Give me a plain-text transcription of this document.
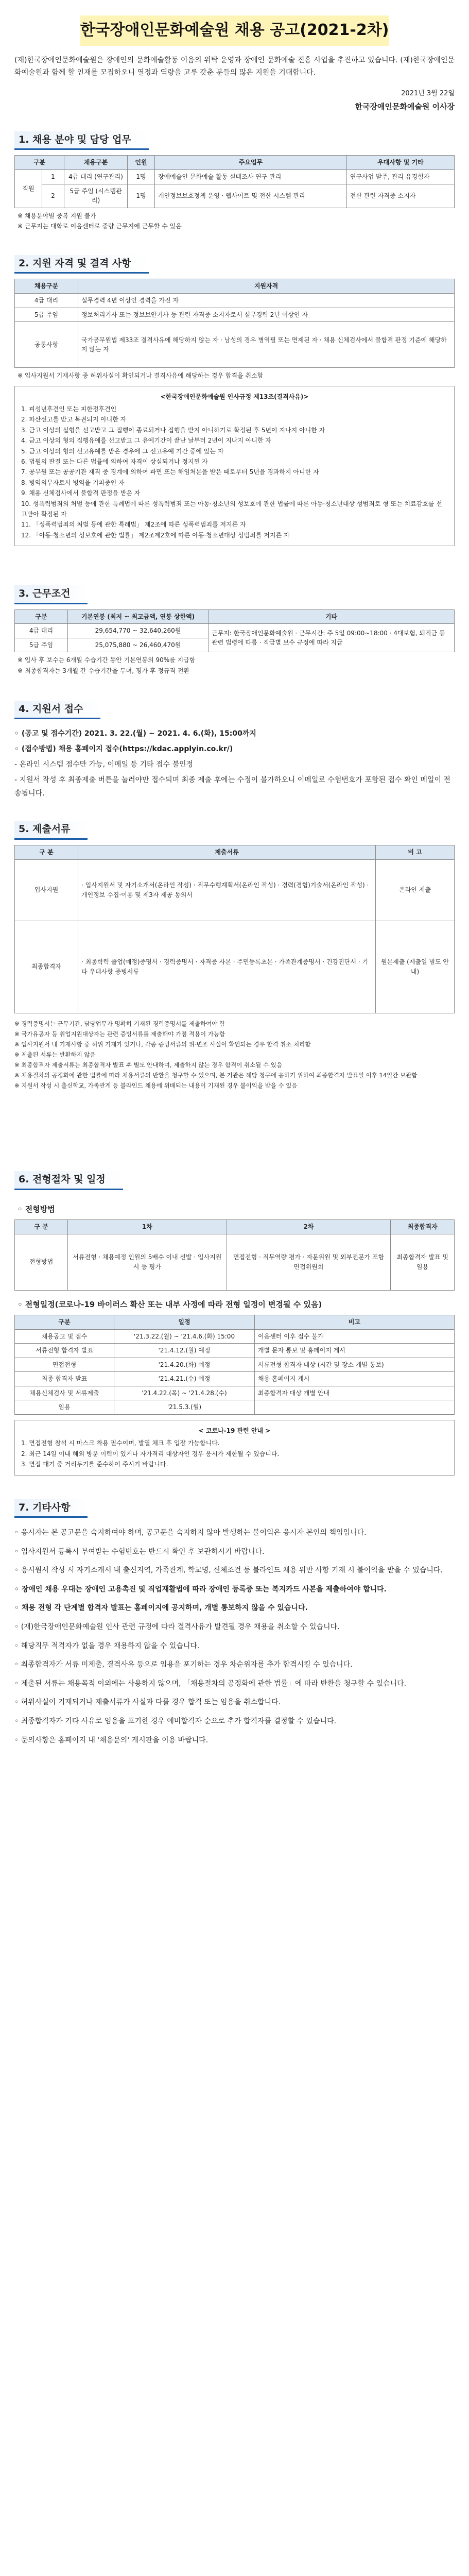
한국장애인문화예술원 채용 공고(2021-2차)
(재)한국장애인문화예술원은 장애인의 문화예술활동 이음의 위탁 운영과 장애인 문화예술 진흥 사업을 추진하고 있습니다. (재)한국장애인문화예술원과 함께 할 인재를 모집하오니 열정과 역량을 고루 갖춘 분들의 많은 지원을 기대합니다.
2021년 3월 22일
한국장애인문화예술원 이사장
1. 채용 분야 및 담당 업무
구분		채용구분	인원	주요업무	우대사항 및 기타
직원	1	4급 대리 (연구관리)	1명	장애예술인 문화예술 활동 실태조사 연구 관리	연구사업 발주, 관리 유경험자
	2	5급 주임 (시스템관리)	1명	개인정보보호정책 운영 · 웹사이트 및 전산 시스템 관리	전산 관련 자격증 소지자
※ 채용분야별 중복 지원 불가
※ 근무지는 대학로 이음센터로 중량 근무지에 근무할 수 있음
2. 지원 자격 및 결격 사항
채용구분	지원자격
4급 대리	실무경력 4년 이상인 경력을 가진 자
5급 주임	정보처리기사 또는 정보보안기사 등 관련 자격증 소지자로서 실무경력 2년 이상인 자
공통사항	국가공무원법 제33조 결격사유에 해당하지 않는 자 · 남성의 경우 병역필 또는 면제된 자 · 채용 신체검사에서 불합격 판정 기준에 해당하지 않는 자
※ 입사지원서 기재사항 중 허위사실이 확인되거나 결격사유에 해당하는 경우 합격을 취소함
<한국장애인문화예술원 인사규정 제13조(결격사유)>
1. 피성년후견인 또는 피한정후견인
2. 파산선고를 받고 복권되지 아니한 자
3. 금고 이상의 실형을 선고받고 그 집행이 종료되거나 집행을 받지 아니하기로 확정된 후 5년이 지나지 아니한 자
4. 금고 이상의 형의 집행유예를 선고받고 그 유예기간이 끝난 날부터 2년이 지나지 아니한 자
5. 금고 이상의 형의 선고유예를 받은 경우에 그 선고유예 기간 중에 있는 자
6. 법원의 판결 또는 다른 법률에 의하여 자격이 상실되거나 정지된 자
7. 공무원 또는 공공기관 재직 중 징계에 의하여 파면 또는 해임처분을 받은 때로부터 5년을 경과하지 아니한 자
8. 병역의무자로서 병역을 기피중인 자
9. 채용 신체검사에서 불합격 판정을 받은 자
10. 성폭력범죄의 처벌 등에 관한 특례법에 따른 성폭력범죄 또는 아동·청소년의 성보호에 관한 법률에 따른 아동·청소년대상 성범죄로 형 또는 치료감호를 선고받아 확정된 자
11. 「성폭력범죄의 처벌 등에 관한 특례법」 제2조에 따른 성폭력범죄를 저지른 자
12. 「아동·청소년의 성보호에 관한 법률」 제2조제2호에 따른 아동·청소년대상 성범죄를 저지른 자
3. 근무조건
구분	기본연봉 (최저 ~ 최고금액, 연봉 상한액)	기타
4급 대리	29,654,770 ~ 32,640,260원	근무지: 한국장애인문화예술원 · 근무시간: 주 5일 09:00~18:00 · 4대보험, 퇴직금 등 관련 법령에 따름 · 직급별 보수 규정에 따라 지급
5급 주임	25,075,880 ~ 26,460,470원	
※ 입사 후 보수는 6개월 수습기간 동안 기본연봉의 90%를 지급함
※ 최종합격자는 3개월 간 수습기간을 두며, 평가 후 정규직 전환
4. 지원서 접수
◦ (공고 및 접수기간) 2021. 3. 22.(월) ~ 2021. 4. 6.(화), 15:00까지
◦ (접수방법) 채용 홈페이지 접수(https://kdac.applyin.co.kr/)
- 온라인 시스템 접수만 가능, 이메일 등 기타 접수 불인정
- 지원서 작성 후 최종제출 버튼을 눌러야만 접수되며 최종 제출 후에는 수정이 불가하오니 이메일로 수험번호가 포함된 접수 확인 메일이 전송됩니다.
5. 제출서류
구 분	제출서류	비 고
입사지원	· 입사지원서 및 자기소개서(온라인 작성) · 직무수행계획서(온라인 작성) · 경력(경험)기술서(온라인 작성) · 개인정보 수집·이용 및 제3자 제공 동의서	온라인 제출
최종합격자	· 최종학력 졸업(예정)증명서 · 경력증명서 · 자격증 사본 · 주민등록초본 · 가족관계증명서 · 건강진단서 · 기타 우대사항 증빙서류	원본제출 (제출일 별도 안내)
※ 경력증명서는 근무기간, 담당업무가 명확히 기재된 경력증명서를 제출하여야 함
※ 국가유공자 등 취업지원대상자는 관련 증빙서류를 제출해야 가점 적용이 가능함
※ 입사지원서 내 기재사항 중 허위 기재가 있거나, 각종 증빙서류의 위·변조 사실이 확인되는 경우 합격 취소 처리함
※ 제출된 서류는 반환하지 않음
※ 최종합격자 제출서류는 최종합격자 발표 후 별도 안내하며, 제출하지 않는 경우 합격이 취소될 수 있음
※ 채용절차의 공정화에 관한 법률에 따라 채용서류의 반환을 청구할 수 있으며, 본 기관은 해당 청구에 응하기 위하여 최종합격자 발표일 이후 14일간 보관함
※ 지원서 작성 시 출신학교, 가족관계 등 블라인드 채용에 위배되는 내용이 기재된 경우 불이익을 받을 수 있음
6. 전형절차 및 일정
◦ 전형방법
구 분	1차	2차	최종합격자
전형방법	서류전형 · 채용예정 인원의 5배수 이내 선발 · 입사지원서 등 평가	면접전형 · 직무역량 평가 · 자문위원 및 외부전문가 포함 면접위원회	최종합격자 발표 및 임용
◦ 전형일정(코로나-19 바이러스 확산 또는 내부 사정에 따라 전형 일정이 변경될 수 있음)
구분	일정	비고
채용공고 및 접수	'21.3.22.(월) ~ '21.4.6.(화) 15:00	이음센터 이후 접수 불가
서류전형 합격자 발표	'21.4.12.(월) 예정	개별 문자 통보 및 홈페이지 게시
면접전형	'21.4.20.(화) 예정	서류전형 합격자 대상 (시간 및 장소 개별 통보)
최종 합격자 발표	'21.4.21.(수) 예정	채용 홈페이지 게시
채용신체검사 및 서류제출	'21.4.22.(목) ~ '21.4.28.(수)	최종합격자 대상 개별 안내
임용	'21.5.3.(월)	
< 코로나-19 관련 안내 >
1. 면접전형 참석 시 마스크 착용 필수이며, 발열 체크 후 입장 가능합니다.
2. 최근 14일 이내 해외 방문 이력이 있거나 자가격리 대상자인 경우 응시가 제한될 수 있습니다.
3. 면접 대기 중 거리두기를 준수하여 주시기 바랍니다.
7. 기타사항

◦ 응시자는 본 공고문을 숙지하여야 하며, 공고문을 숙지하지 않아 발생하는 불이익은 응시자 본인의 책임입니다.

◦ 입사지원서 등록시 부여받는 수험번호는 반드시 확인 후 보관하시기 바랍니다.

◦ 응시원서 작성 시 자기소개서 내 출신지역, 가족관계, 학교명, 신체조건 등 블라인드 채용 위반 사항 기재 시 불이익을 받을 수 있습니다.

◦ 장애인 채용 우대는 장애인 고용촉진 및 직업재활법에 따라 장애인 등록증 또는 복지카드 사본을 제출하여야 합니다.

◦ 채용 전형 각 단계별 합격자 발표는 홈페이지에 공지하며, 개별 통보하지 않을 수 있습니다.

◦ (재)한국장애인문화예술원 인사 관련 규정에 따라 결격사유가 발견될 경우 채용을 취소할 수 있습니다.

◦ 해당직무 적격자가 없을 경우 채용하지 않을 수 있습니다.

◦ 최종합격자가 서류 미제출, 결격사유 등으로 임용을 포기하는 경우 차순위자를 추가 합격시킬 수 있습니다.

◦ 제출된 서류는 채용목적 이외에는 사용하지 않으며, 「채용절차의 공정화에 관한 법률」에 따라 반환을 청구할 수 있습니다.

◦ 허위사실이 기재되거나 제출서류가 사실과 다를 경우 합격 또는 임용을 취소합니다.

◦ 최종합격자가 기타 사유로 임용을 포기한 경우 예비합격자 순으로 추가 합격자를 결정할 수 있습니다.

◦ 문의사항은 홈페이지 내 '채용문의' 게시판을 이용 바랍니다.
